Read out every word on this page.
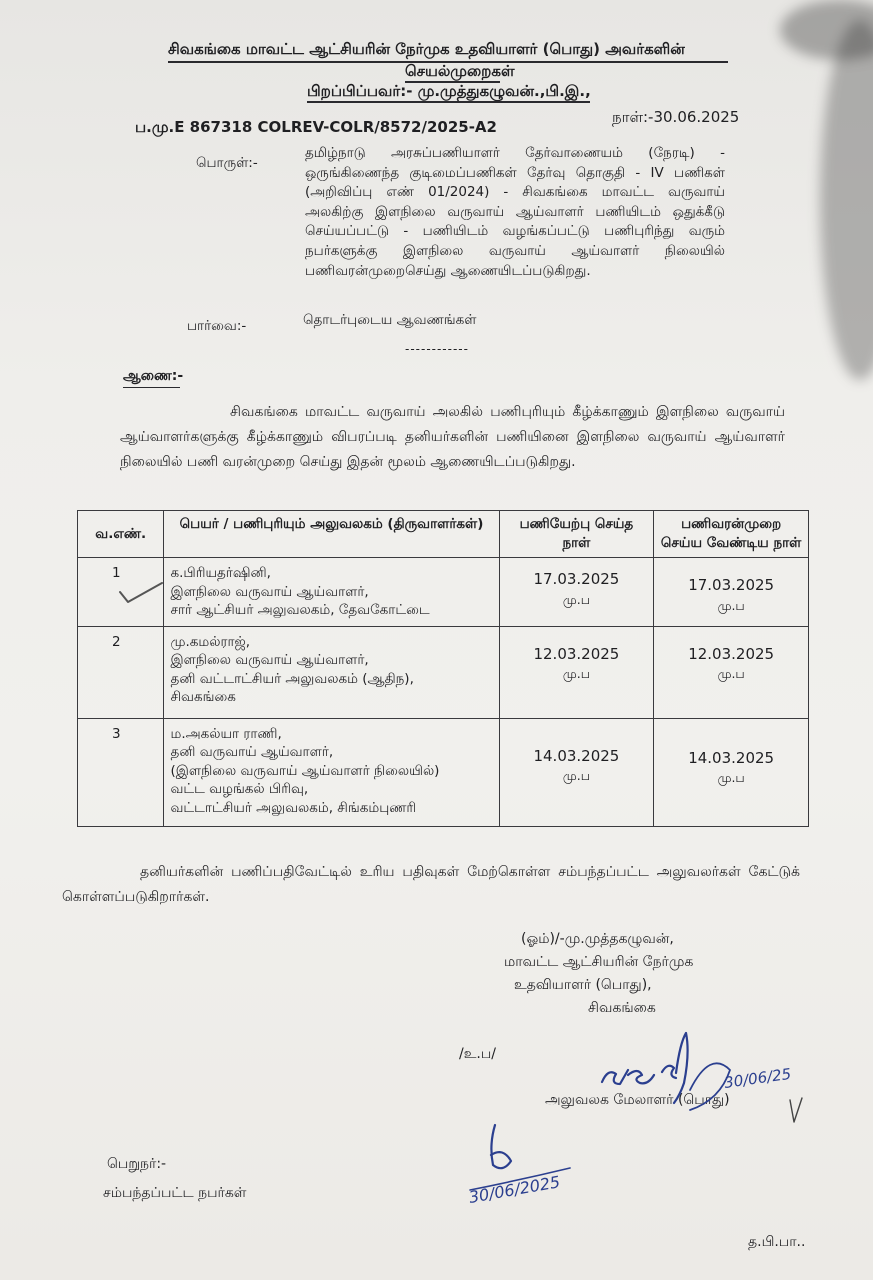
சிவகங்கை மாவட்ட ஆட்சியரின் நேர்முக உதவியாளர் (பொது) அவர்களின்
செயல்முறைகள்
பிறப்பிப்பவர்:- மு.முத்துகழுவன்.,பி.இ.,
ப.மு.E 867318 COLREV-COLR/8572/2025-A2
நாள்:-30.06.2025
பொருள்:-
தமிழ்நாடு அரசுப்பணியாளர் தேர்வாணையம் (நேரடி) - ஒருங்கிணைந்த குடிமைப்பணிகள் தேர்வு தொகுதி - IV பணிகள் (அறிவிப்பு எண் 01/2024) - சிவகங்கை மாவட்ட வருவாய் அலகிற்கு இளநிலை வருவாய் ஆய்வாளர் பணியிடம் ஒதுக்கீடு செய்யப்பட்டு - பணியிடம் வழங்கப்பட்டு பணிபுரிந்து வரும் நபர்களுக்கு இளநிலை வருவாய் ஆய்வாளர் நிலையில் பணிவரன்முறைசெய்து ஆணையிடப்படுகிறது.
பார்வை:-	தொடர்புடைய ஆவணங்கள்
------------
ஆணை:-
சிவகங்கை மாவட்ட வருவாய் அலகில் பணிபுரியும் கீழ்க்காணும் இளநிலை வருவாய் ஆய்வாளர்களுக்கு கீழ்க்காணும் விபரப்படி தனியர்களின் பணியினை இளநிலை வருவாய் ஆய்வாளர் நிலையில் பணி வரன்முறை செய்து இதன் மூலம் ஆணையிடப்படுகிறது.
வ.எண்.	பெயர் / பணிபுரியும் அலுவலகம் (திருவாளர்கள்)	பணியேற்பு செய்த நாள்	பணிவரன்முறை செய்ய வேண்டிய நாள்
1	க.பிரியதர்ஷினி,
இளநிலை வருவாய் ஆய்வாளர்,
சார் ஆட்சியர் அலுவலகம், தேவகோட்டை	17.03.2025
மு.ப	17.03.2025
மு.ப

2	மு.கமல்ராஜ்,
இளநிலை வருவாய் ஆய்வாளர்,
தனி வட்டாட்சியர் அலுவலகம் (ஆதிந),
சிவகங்கை	12.03.2025
மு.ப	12.03.2025
மு.ப

3	ம.அகல்யா ராணி,
தனி வருவாய் ஆய்வாளர்,
(இளநிலை வருவாய் ஆய்வாளர் நிலையில்)
வட்ட வழங்கல் பிரிவு,
வட்டாட்சியர் அலுவலகம், சிங்கம்புணரி	14.03.2025
மு.ப	14.03.2025
மு.ப
தனியர்களின் பணிப்பதிவேட்டில் உரிய பதிவுகள் மேற்கொள்ள சம்பந்தப்பட்ட அலுவலர்கள் கேட்டுக் கொள்ளப்படுகிறார்கள்.
(ஓம்)/-மு.முத்தகழுவன்,
மாவட்ட ஆட்சியரின் நேர்முக
உதவியாளர் (பொது),
சிவகங்கை
/உ.ப/
அலுவலக மேலாளர் (பொது)
பெறுநர்:-
சம்பந்தப்பட்ட நபர்கள்
த.பி.பா..
30/06/25
30/06/2025
